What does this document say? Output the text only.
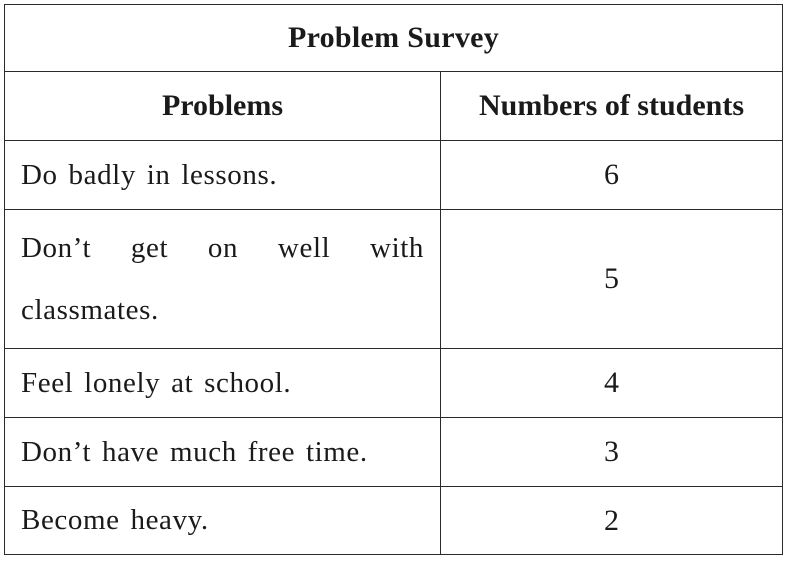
Problem Survey	
Problems	Numbers of students
Do badly in lessons.	6

Don’t get on well with
classmates.	5
Feel lonely at school.	4
Don’t have much free time.	3
Become heavy.	2
